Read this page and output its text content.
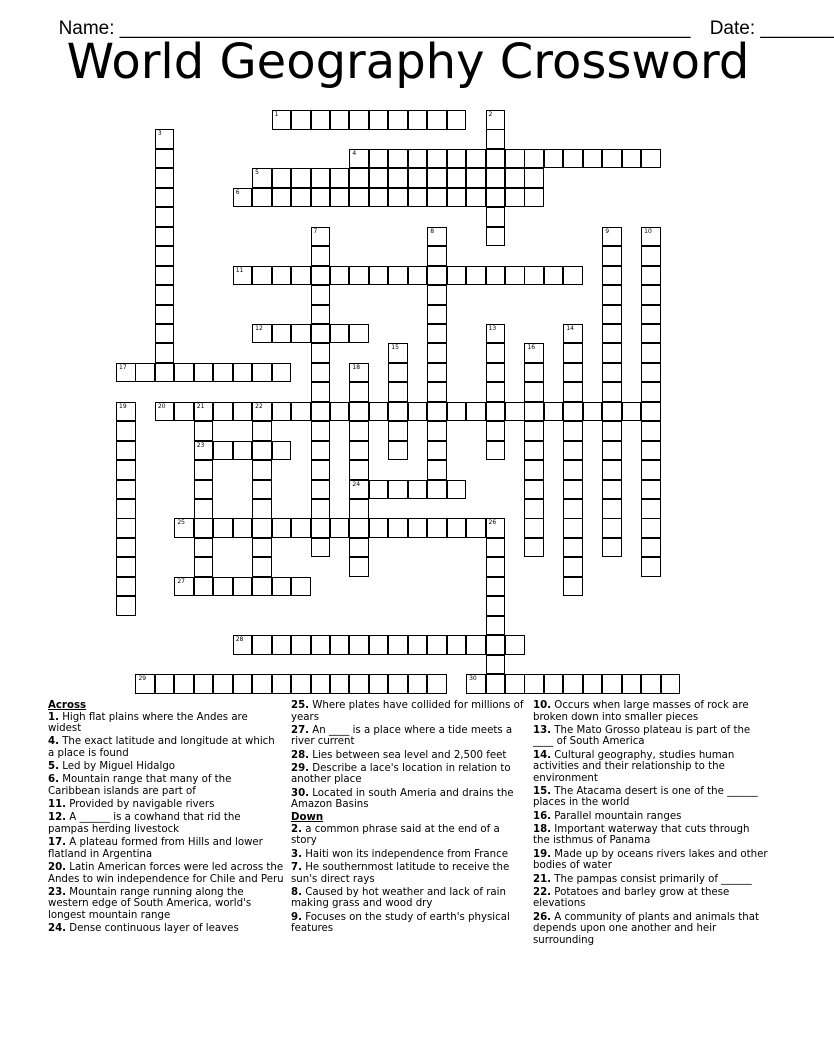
Name: ______________________________________________________ Date: _______

World Geography Crossword
1	2
3
4
5
6
7	8	9	10
11
12	13	14
15	16
17	18
24
19	20	21	22
23
25	26
27
28
29	30
Across
1. High flat plains where the Andes are widest
4. The exact latitude and longitude at which a place is found
5. Led by Miguel Hidalgo
6. Mountain range that many of the Caribbean islands are part of
11. Provided by navigable rivers
12. A ______ is a cowhand that rid the pampas herding livestock
17. A plateau formed from Hills and lower flatland in Argentina
20. Latin American forces were led across the Andes to win independence for Chile and Peru
23. Mountain range running along the western edge of South America, world's longest mountain range
24. Dense continuous layer of leaves
25. Where plates have collided for millions of years
27. An ____ is a place where a tide meets a river current
28. Lies between sea level and 2,500 feet
29. Describe a lace's location in relation to another place
30. Located in south Ameria and drains the Amazon Basins
Down
2. a common phrase said at the end of a story
3. Haiti won its independence from France
7. He southernmost latitude to receive the sun's direct rays
8. Caused by hot weather and lack of rain making grass and wood dry
9. Focuses on the study of earth's physical features
10. Occurs when large masses of rock are broken down into smaller pieces
13. The Mato Grosso plateau is part of the ____ of South America
14. Cultural geography, studies human activities and their relationship to the environment
15. The Atacama desert is one of the ______ places in the world
16. Parallel mountain ranges
18. Important waterway that cuts through the isthmus of Panama
19. Made up by oceans rivers lakes and other bodies of water
21. The pampas consist primarily of ______
22. Potatoes and barley grow at these elevations
26. A community of plants and animals that depends upon one another and heir surrounding
